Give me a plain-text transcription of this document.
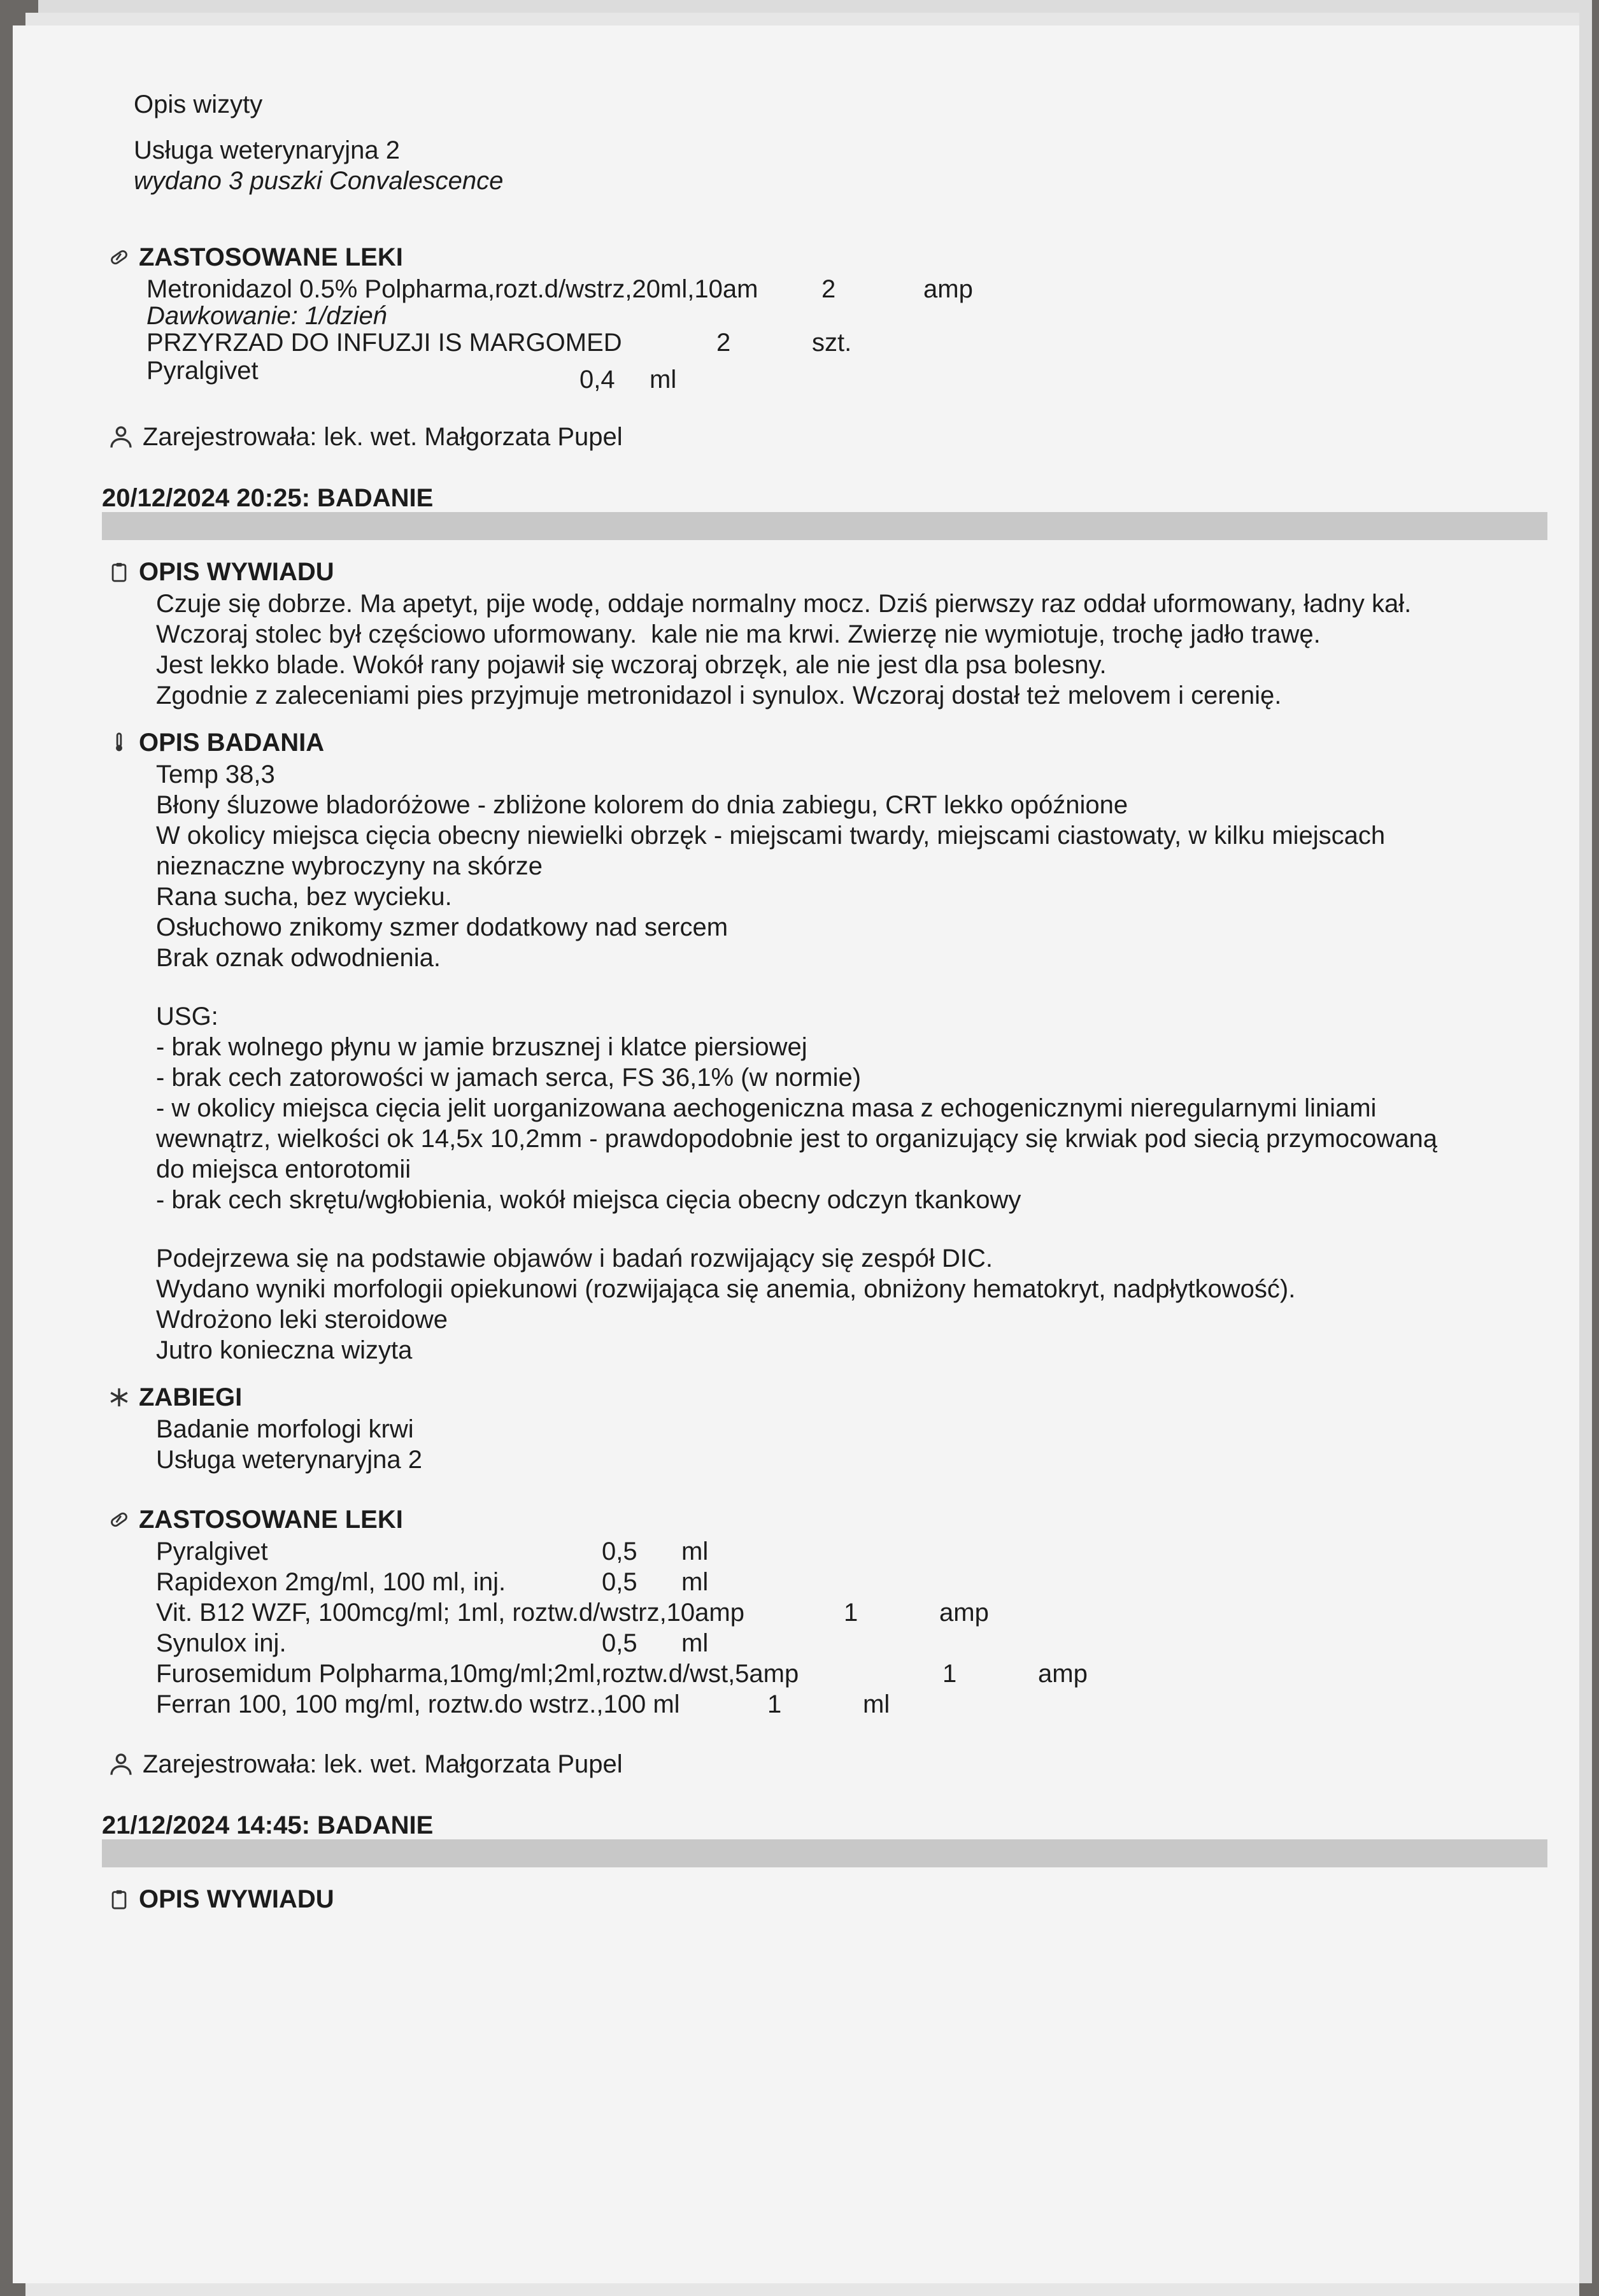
Opis wizyty
Usługa weterynaryjna 2
wydano 3 puszki Convalescence
ZASTOSOWANE LEKI
Metronidazol 0.5% Polpharma,rozt.d/wstrz,20ml,10am	2	amp
Dawkowanie: 1/dzień
PRZYRZAD DO INFUZJI IS MARGOMED	2	szt.
Pyralgivet	0,4	ml
Zarejestrowała: lek. wet. Małgorzata Pupel
20/12/2024 20:25: BADANIE
OPIS WYWIADU
Czuje się dobrze. Ma apetyt, pije wodę, oddaje normalny mocz. Dziś pierwszy raz oddał uformowany, ładny kał.
Wczoraj stolec był częściowo uformowany.  kale nie ma krwi. Zwierzę nie wymiotuje, trochę jadło trawę.
Jest lekko blade. Wokół rany pojawił się wczoraj obrzęk, ale nie jest dla psa bolesny.
Zgodnie z zaleceniami pies przyjmuje metronidazol i synulox. Wczoraj dostał też melovem i cerenię.
OPIS BADANIA
Temp 38,3
Błony śluzowe bladoróżowe - zbliżone kolorem do dnia zabiegu, CRT lekko opóźnione
W okolicy miejsca cięcia obecny niewielki obrzęk - miejscami twardy, miejscami ciastowaty, w kilku miejscach
nieznaczne wybroczyny na skórze
Rana sucha, bez wycieku.
Osłuchowo znikomy szmer dodatkowy nad sercem
Brak oznak odwodnienia.
USG:
- brak wolnego płynu w jamie brzusznej i klatce piersiowej
- brak cech zatorowości w jamach serca, FS 36,1% (w normie)
- w okolicy miejsca cięcia jelit uorganizowana aechogeniczna masa z echogenicznymi nieregularnymi liniami
wewnątrz, wielkości ok 14,5x 10,2mm - prawdopodobnie jest to organizujący się krwiak pod siecią przymocowaną
do miejsca entorotomii
- brak cech skrętu/wgłobienia, wokół miejsca cięcia obecny odczyn tkankowy
Podejrzewa się na podstawie objawów i badań rozwijający się zespół DIC.
Wydano wyniki morfologii opiekunowi (rozwijająca się anemia, obniżony hematokryt, nadpłytkowość).
Wdrożono leki steroidowe
Jutro konieczna wizyta
ZABIEGI
Badanie morfologi krwi
Usługa weterynaryjna 2
ZASTOSOWANE LEKI
Pyralgivet	0,5	ml
Rapidexon 2mg/ml, 100 ml, inj.	0,5	ml
Vit. B12 WZF, 100mcg/ml; 1ml, roztw.d/wstrz,10amp	1	amp
Synulox inj.	0,5	ml
Furosemidum Polpharma,10mg/ml;2ml,roztw.d/wst,5amp	1	amp
Ferran 100, 100 mg/ml, roztw.do wstrz.,100 ml	1	ml
Zarejestrowała: lek. wet. Małgorzata Pupel
21/12/2024 14:45: BADANIE
OPIS WYWIADU
